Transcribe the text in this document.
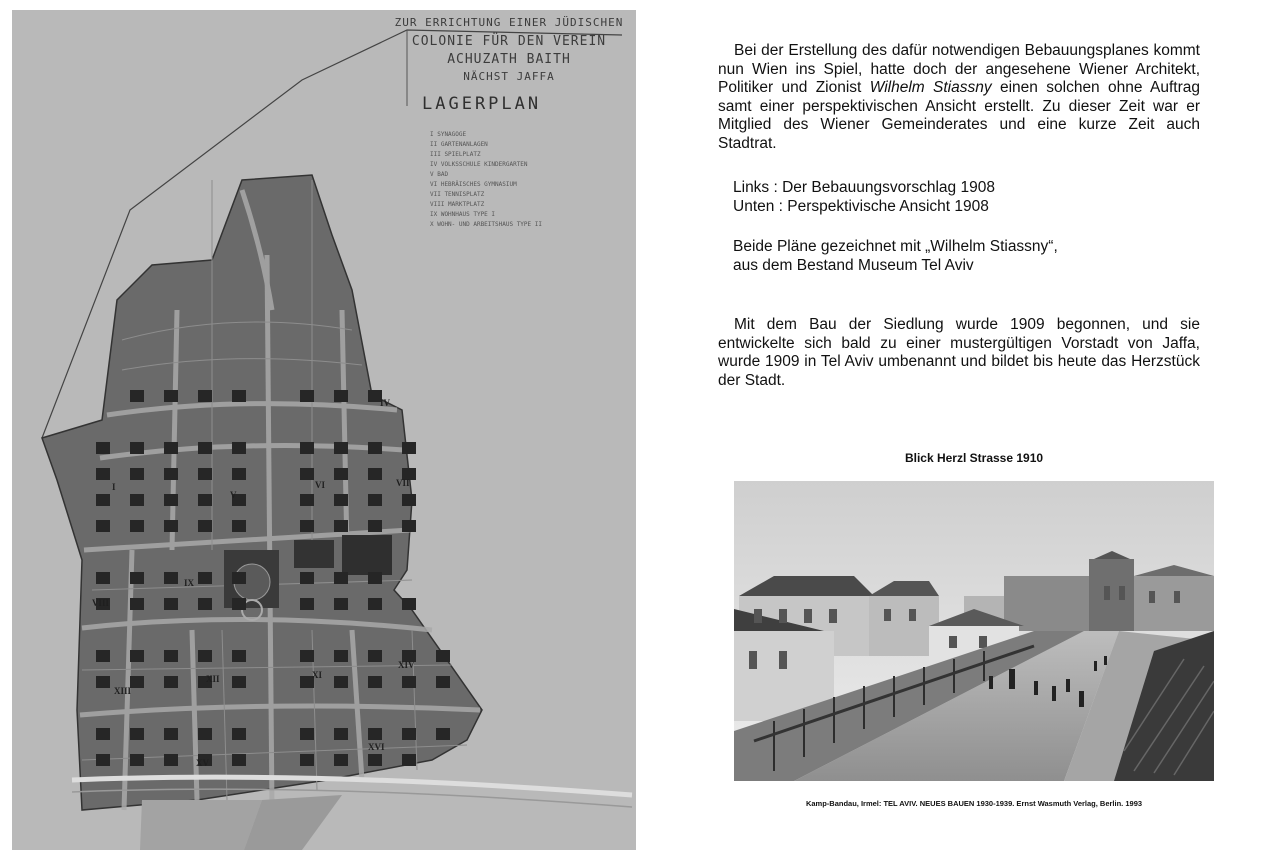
ZUR ERRICHTUNG EINER JÜDISCHEN
COLONIE FÜR DEN VEREIN
ACHUZATH BAITH
NÄCHST JAFFA
LAGERPLAN
I SYNAGOGE
II GARTENANLAGEN
III SPIELPLATZ
IV VOLKSSCHULE KINDERGARTEN
V BAD
VI HEBRÄISCHES GYMNASIUM
VII TENNISPLATZ
VIII MARKTPLATZ
IX WOHNHAUS TYPE I
X WOHN- UND ARBEITSHAUS TYPE II
I
IV
V
VI	VII
VIII
IX
XI
XII
XIII
XIV
XV
XVI

Bei der Erstellung des dafür notwendigen Bebauungsplanes kommt nun Wien ins Spiel, hatte doch der angesehene Wiener Architekt, Politiker und Zionist Wilhelm Stiassny einen solchen ohne Auftrag samt einer perspektivischen Ansicht erstellt. Zu dieser Zeit war er Mitglied des Wiener Gemeinderates und eine kurze Zeit auch Stadtrat.

Links : Der Bebauungsvorschlag 1908

Unten : Perspektivische Ansicht 1908

Beide Pläne gezeichnet mit „Wilhelm Stiassny“,

aus dem Bestand Museum Tel Aviv

Mit dem Bau der Siedlung wurde 1909 begonnen, und sie entwickelte sich bald zu einer mustergültigen Vorstadt von Jaffa, wurde 1909 in Tel Aviv umbenannt und bildet bis heute das Herzstück der Stadt.

Blick Herzl Strasse 1910
Kamp-Bandau, Irmel: TEL AVIV. NEUES BAUEN 1930-1939. Ernst Wasmuth Verlag, Berlin. 1993
